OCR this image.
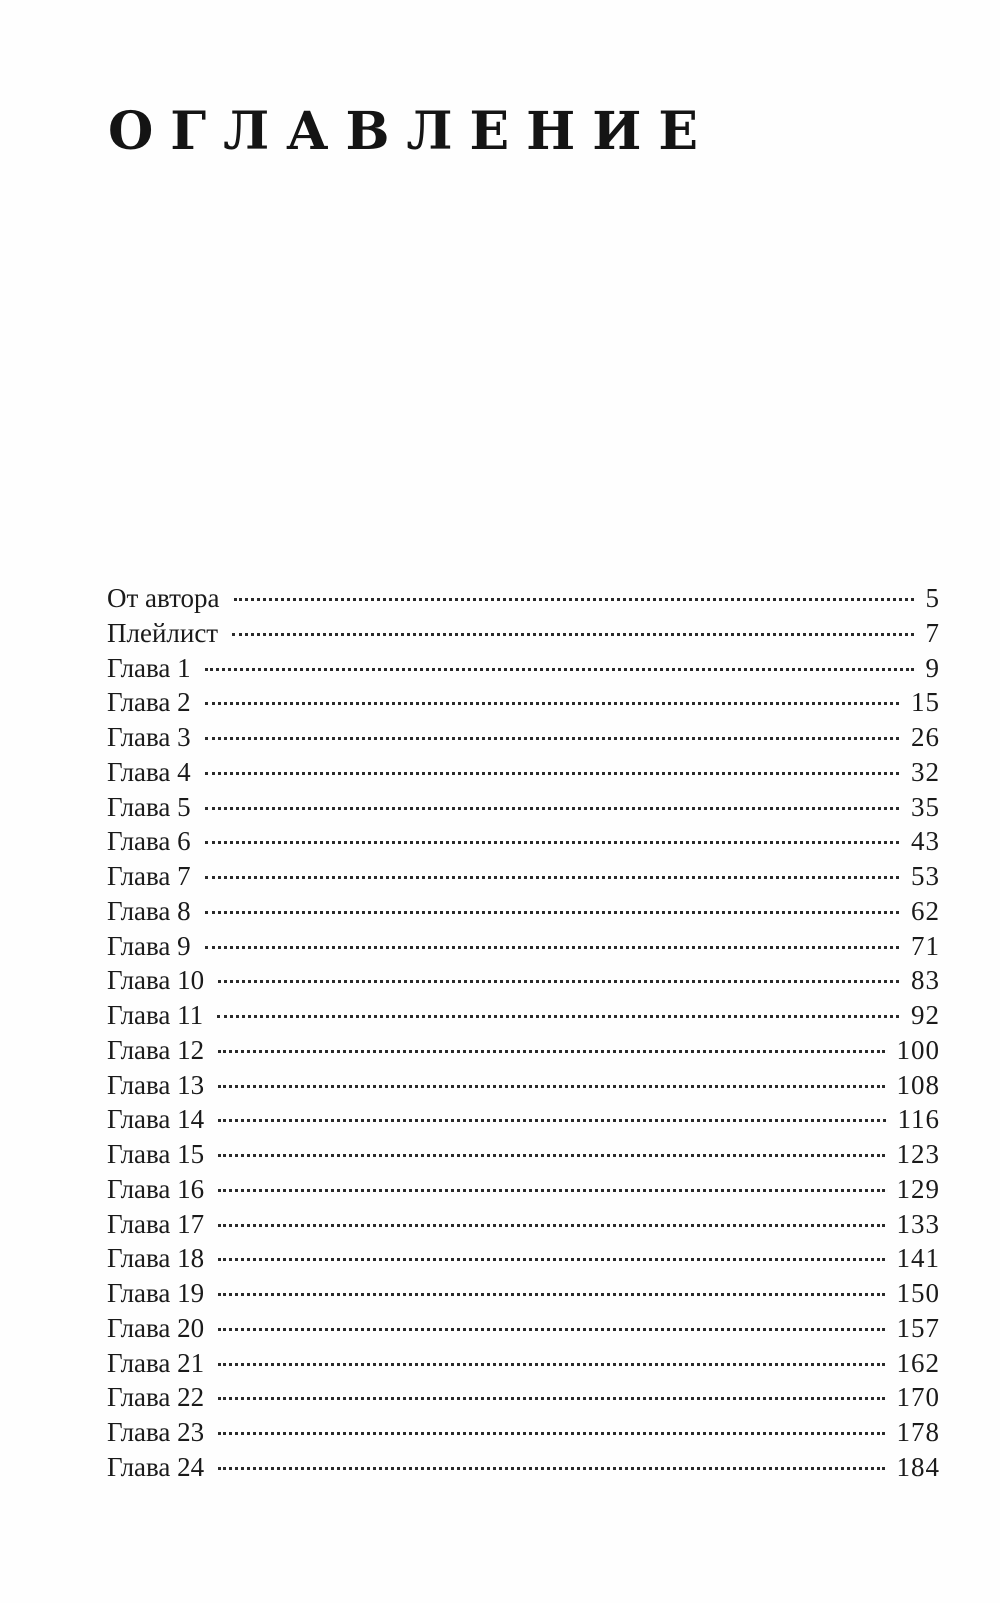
ОГЛАВЛЕНИЕ
От автора	5
Плейлист	7
Глава 1	9
Глава 2	15
Глава 3	26
Глава 4	32
Глава 5	35
Глава 6	43
Глава 7	53
Глава 8	62
Глава 9	71
Глава 10	83
Глава 11	92
Глава 12	100
Глава 13	108
Глава 14	116
Глава 15	123
Глава 16	129
Глава 17	133
Глава 18	141
Глава 19	150
Глава 20	157
Глава 21	162
Глава 22	170
Глава 23	178
Глава 24	184
